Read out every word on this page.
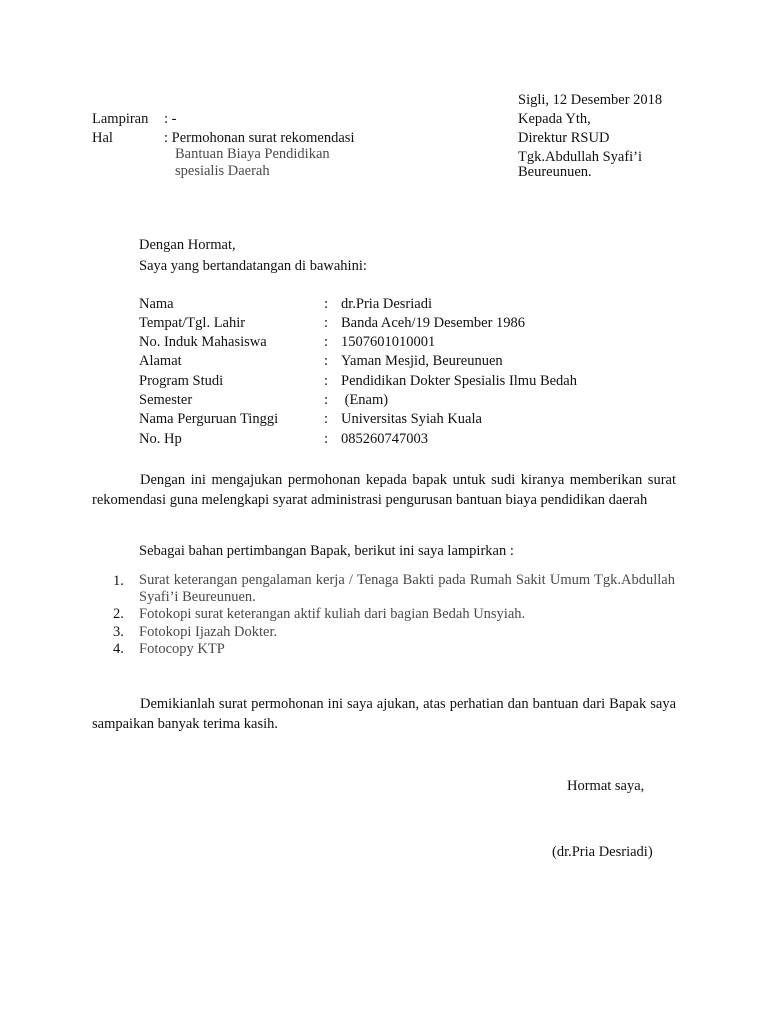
Sigli, 12 Desember 2018
Kepada Yth,
Direktur RSUD
Tgk.Abdullah Syafi’i
Beureunuen.
Lampiran : -
Hal	: Permohonan surat rekomendasi
Bantuan Biaya Pendidikan
spesialis Daerah
Dengan Hormat,
Saya yang bertandatangan di bawahini:
Nama	: dr.Pria Desriadi
Tempat/Tgl. Lahir	: Banda Aceh/19 Desember 1986
No. Induk Mahasiswa	: 1507601010001
Alamat	: Yaman Mesjid, Beureunuen
Program Studi	: Pendidikan Dokter Spesialis Ilmu Bedah
Semester	: (Enam)
Nama Perguruan Tinggi	: Universitas Syiah Kuala
No. Hp	: 085260747003
Dengan ini mengajukan permohonan kepada bapak untuk sudi kiranya memberikan surat rekomendasi guna melengkapi syarat administrasi pengurusan bantuan biaya pendidikan daerah
Sebagai bahan pertimbangan Bapak, berikut ini saya lampirkan :
1. Surat keterangan pengalaman kerja / Tenaga Bakti pada Rumah Sakit Umum Tgk.Abdullah Syafi’i Beureunuen.
2. Fotokopi surat keterangan aktif kuliah dari bagian Bedah Unsyiah.
3. Fotokopi Ijazah Dokter.
4. Fotocopy KTP
Demikianlah surat permohonan ini saya ajukan, atas perhatian dan bantuan dari Bapak saya sampaikan banyak terima kasih.
Hormat saya,
(dr.Pria Desriadi)
